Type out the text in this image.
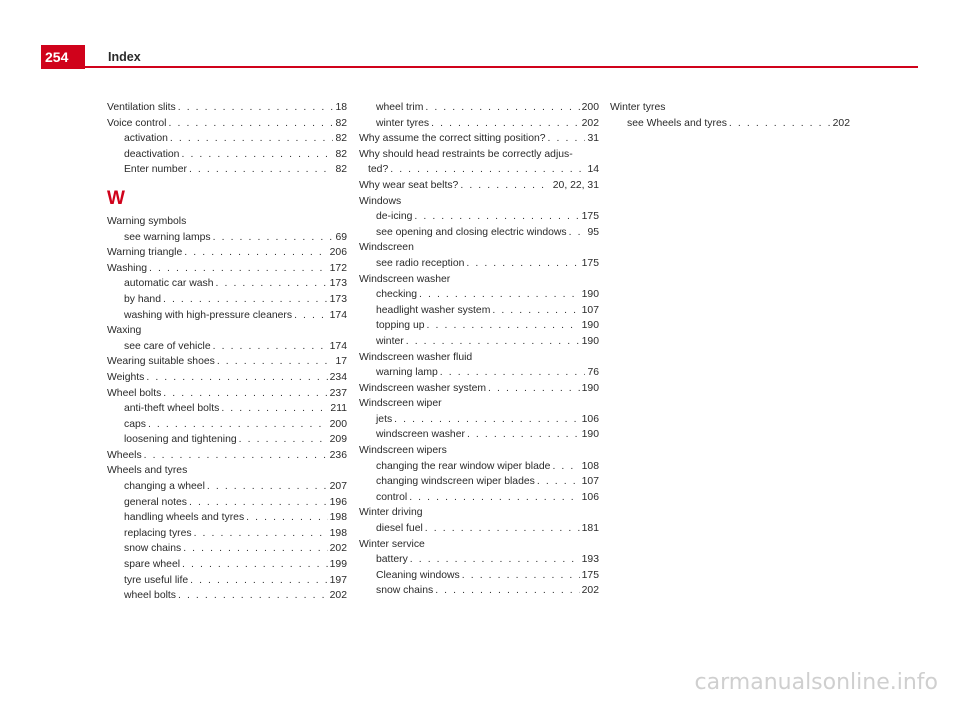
254	Index
Ventilation slits . . .	18
Voice control . . .	82
activation . . .	82
deactivation . . .	82
Enter number . . .	82
W
Warning symbols
see warning lamps . . .	69
Warning triangle . . .	206
Washing . . .	172
automatic car wash . . .	173
by hand . . .	173
washing with high-pressure cleaners . . .	174
Waxing
see care of vehicle . . .	174
Wearing suitable shoes . . .	17
Weights . . .	234
Wheel bolts . . .	237
anti-theft wheel bolts . . .	211
caps . . .	200
loosening and tightening . . .	209
Wheels . . .	236
Wheels and tyres
changing a wheel . . .	207
general notes . . .	196
handling wheels and tyres . . .	198
replacing tyres . . .	198
snow chains . . .	202
spare wheel . . .	199
tyre useful life . . .	197
wheel bolts . . .	202
wheel trim . . .	200
winter tyres . . .	202
Why assume the correct sitting position? . . .	31
Why should head restraints be correctly adjus-
ted? . . .	14
Why wear seat belts? . . .	20, 22, 31
Windows
de-icing . . .	175
see opening and closing electric windows . . . 95
Windscreen
see radio reception . . .	175
Windscreen washer
checking . . .	190
headlight washer system . . .	107
topping up . . .	190
winter . . .	190
Windscreen washer fluid
warning lamp . . .	76
Windscreen washer system . . .	190
Windscreen wiper
jets . . .	106
windscreen washer . . .	190
Windscreen wipers
changing the rear window wiper blade . . .	108
changing windscreen wiper blades . . .	107
control . . .	106
Winter driving
diesel fuel . . .	181
Winter service
battery . . .	193
Cleaning windows . . .	175
snow chains . . .	202
Winter tyres
see Wheels and tyres . . .	202
carmanualsonline.info
